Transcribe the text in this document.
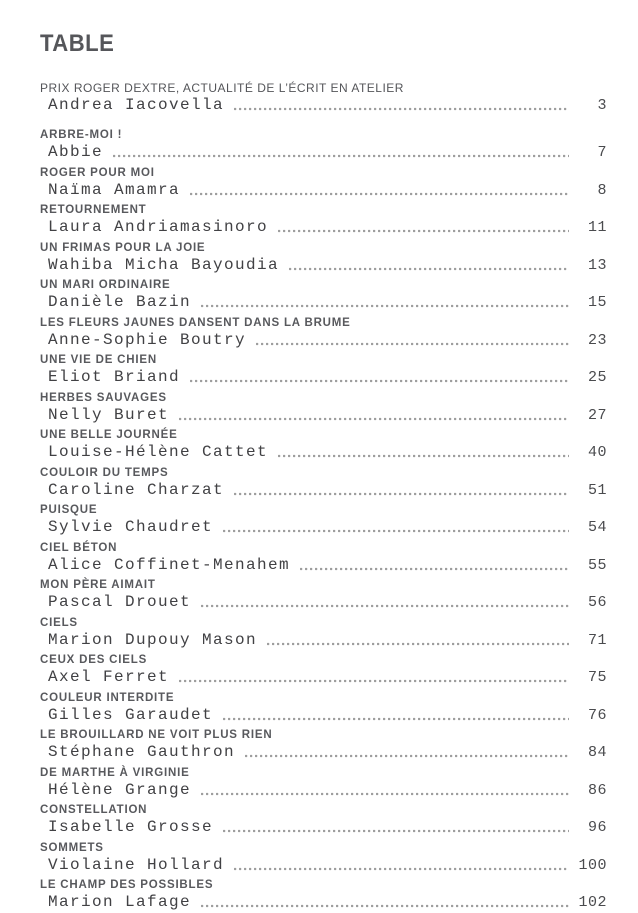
TABLE
PRIX ROGER DEXTRE, ACTUALITÉ DE L’ÉCRIT EN ATELIER
Andrea Iacovella	3
ARBRE-MOI !
Abbie	7
ROGER POUR MOI
Naïma Amamra	8
RETOURNEMENT
Laura Andriamasinoro	11
UN FRIMAS POUR LA JOIE
Wahiba Micha Bayoudia	13
UN MARI ORDINAIRE
Danièle Bazin	15
LES FLEURS JAUNES DANSENT DANS LA BRUME
Anne-Sophie Boutry	23
UNE VIE DE CHIEN
Eliot Briand	25
HERBES SAUVAGES
Nelly Buret	27
UNE BELLE JOURNÉE
Louise-Hélène Cattet	40
COULOIR DU TEMPS
Caroline Charzat	51
PUISQUE
Sylvie Chaudret	54
CIEL BÉTON
Alice Coffinet-Menahem	55
MON PÈRE AIMAIT
Pascal Drouet	56
CIELS
Marion Dupouy Mason	71
CEUX DES CIELS
Axel Ferret	75
COULEUR INTERDITE
Gilles Garaudet	76
LE BROUILLARD NE VOIT PLUS RIEN
Stéphane Gauthron	84
DE MARTHE À VIRGINIE
Hélène Grange	86
CONSTELLATION
Isabelle Grosse	96
SOMMETS
Violaine Hollard	100
LE CHAMP DES POSSIBLES
Marion Lafage	102
